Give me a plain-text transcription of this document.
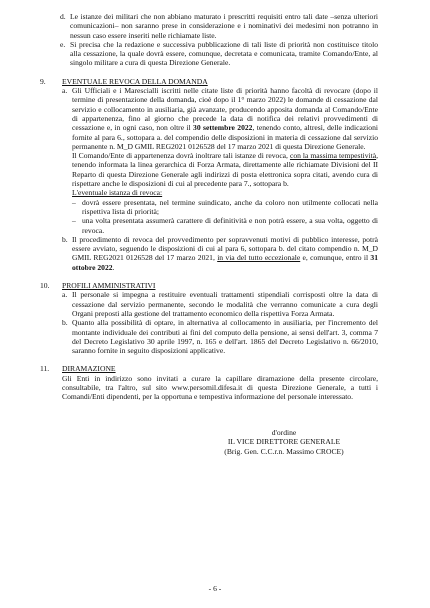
d. Le istanze dei militari che non abbiano maturato i prescritti requisiti entro tali date –senza ulteriori comunicazioni– non saranno prese in considerazione e i nominativi dei medesimi non potranno in nessun caso essere inseriti nelle richiamate liste.
e. Si precisa che la redazione e successiva pubblicazione di tali liste di priorità non costituisce titolo alla cessazione, la quale dovrà essere, comunque, decretata e comunicata, tramite Comando/Ente, al singolo militare a cura di questa Direzione Generale.
9.	EVENTUALE REVOCA DELLA DOMANDA
a. Gli Ufficiali e i Marescialli iscritti nelle citate liste di priorità hanno facoltà di revocare (dopo il termine di presentazione della domanda, cioè dopo il 1° marzo 2022) le domande di cessazione dal servizio e collocamento in ausiliaria, già avanzate, producendo apposita domanda al Comando/Ente di appartenenza, fino al giorno che precede la data di notifica dei relativi provvedimenti di cessazione e, in ogni caso, non oltre il 30 settembre 2022, tenendo conto, altresì, delle indicazioni fornite al para 6., sottopara a. del compendio delle disposizioni in materia di cessazione dal servizio permanente n. M_D GMIL REG2021 0126528 del 17 marzo 2021 di questa Direzione Generale.
Il Comando/Ente di appartenenza dovrà inoltrare tali istanze di revoca, con la massima tempestività, tenendo informata la linea gerarchica di Forza Armata, direttamente alle richiamate Divisioni del II Reparto di questa Direzione Generale agli indirizzi di posta elettronica sopra citati, avendo cura di rispettare anche le disposizioni di cui al precedente para 7., sottopara b.
L'eventuale istanza di revoca:
– dovrà essere presentata, nel termine suindicato, anche da coloro non utilmente collocati nella rispettiva lista di priorità;
– una volta presentata assumerà carattere di definitività e non potrà essere, a sua volta, oggetto di revoca.
b. Il procedimento di revoca del provvedimento per sopravvenuti motivi di pubblico interesse, potrà essere avviato, seguendo le disposizioni di cui al para 6, sottopara b. del citato compendio n. M_D GMIL REG2021 0126528 del 17 marzo 2021, in via del tutto eccezionale e, comunque, entro il 31 ottobre 2022.
10.	PROFILI AMMINISTRATIVI
a. Il personale si impegna a restituire eventuali trattamenti stipendiali corrisposti oltre la data di cessazione dal servizio permanente, secondo le modalità che verranno comunicate a cura degli Organi preposti alla gestione del trattamento economico della rispettiva Forza Armata.
b. Quanto alla possibilità di optare, in alternativa al collocamento in ausiliaria, per l'incremento del montante individuale dei contributi ai fini del computo della pensione, ai sensi dell'art. 3, comma 7 del Decreto Legislativo 30 aprile 1997, n. 165 e dell'art. 1865 del Decreto Legislativo n. 66/2010, saranno fornite in seguito disposizioni applicative.
11.	DIRAMAZIONE
Gli Enti in indirizzo sono invitati a curare la capillare diramazione della presente circolare, consultabile, tra l'altro, sul sito www.persomil.difesa.it di questa Direzione Generale, a tutti i Comandi/Enti dipendenti, per la opportuna e tempestiva informazione del personale interessato.
d'ordine
IL VICE DIRETTORE GENERALE
(Brig. Gen. C.C.r.n. Massimo CROCE)
- 6 -
